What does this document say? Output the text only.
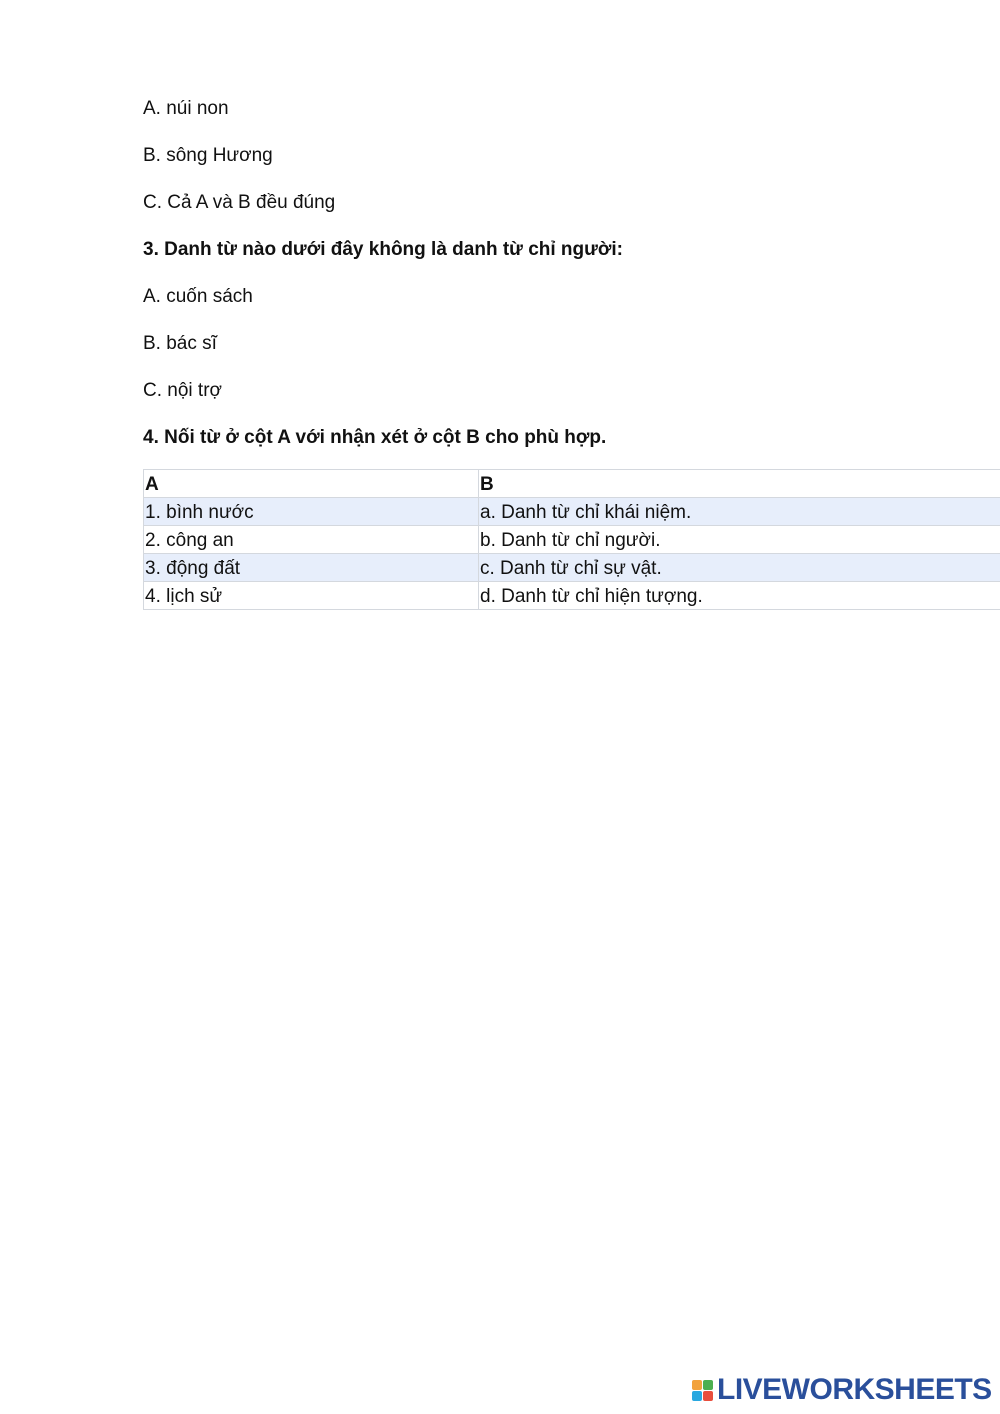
A. núi non
B. sông Hương
C. Cả A và B đều đúng
3. Danh từ nào dưới đây không là danh từ chỉ người:
A. cuốn sách
B. bác sĩ
C. nội trợ
4. Nối từ ở cột A với nhận xét ở cột B cho phù hợp.
A	B
1. bình nước	a. Danh từ chỉ khái niệm.
2. công an	b. Danh từ chỉ người.
3. động đất	c. Danh từ chỉ sự vật.
4. lịch sử	d. Danh từ chỉ hiện tượng.
LIVEWORKSHEETS
